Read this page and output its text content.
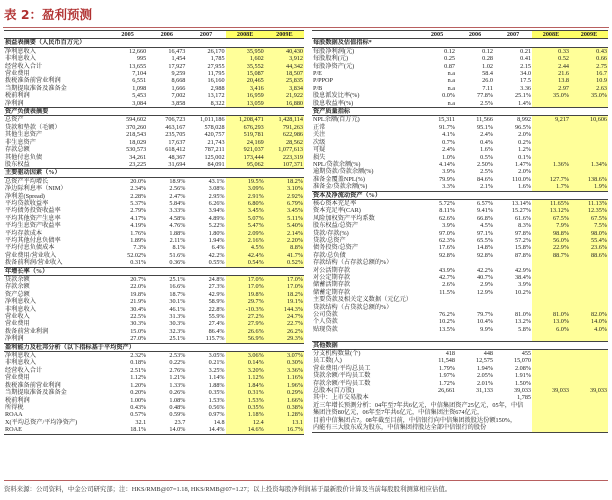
表 2：盈利预测
	2005	2006	2007	2008E	2009E
损益表摘要（人民币百万元）					
净利息收入	12,660	16,473	26,170	35,950	40,430
非利息收入	995	1,454	1,785	1,602	3,912
经营收入合计	13,655	17,927	27,955	35,552	44,342
营业费用	7,104	9,259	11,795	15,087	18,507
拨税准备前营业利润	6,551	8,668	16,160	20,465	25,835
当期提取准备及准备金	1,098	1,666	2,988	3,416	3,834
税前利润	5,453	7,002	13,172	16,959	21,922
净利润	3,084	3,858	8,322	13,059	16,880
资产负债表摘要					
总资产	594,602	706,723	1,011,186	1,208,471	1,428,114
贷款和垫款（毛额）	370,260	463,167	578,028	676,293	791,263
其他生息资产	218,543	235,705	420,757	519,781	622,986
非生息资产	18,029	17,637	21,743	24,169	28,562
存款总额	530,573	618,412	787,211	921,037	1,077,613
其他付息负债	34,261	48,367	125,002	173,444	223,319
股东权益	23,225	31,694	84,091	95,062	107,371
主要驱动因素（%）					
总资产平均增长	20.0%	18.9%	43.1%	19.5%	18.2%
净边际利息率（NIM）	2.34%	2.56%	3.08%	3.09%	3.10%
净利差(Spread)	2.28%	2.47%	2.95%	2.91%	2.92%
平均贷款收益率	5.37%	5.84%	6.26%	6.80%	6.79%
平均债务投资收益率	2.79%	3.33%	3.94%	3.45%	3.45%
平均其他资产生息率	4.17%	4.58%	4.89%	5.07%	5.11%
平均生息资产收益率	4.19%	4.76%	5.22%	5.47%	5.40%
平均存款成本	1.76%	1.88%	1.80%	2.09%	2.14%
平均其他付息负债率	1.89%	2.11%	1.94%	2.16%	2.20%
平均付息负债成本	7.3%	8.1%	6.4%	4.5%	8.8%
营业费用/营业收入	52.02%	51.6%	42.2%	42.4%	41.7%
拨备前利润/营业收入	0.31%	0.36%	0.55%	0.54%	0.52%
年增长率（%）					
贷款余额	20.7%	25.1%	24.8%	17.0%	17.0%
存款余额	22.0%	16.6%	27.3%	17.0%	17.0%
资产总额	19.8%	18.7%	42.9%	19.8%	18.2%
净利息收入	21.9%	30.1%	58.9%	29.7%	19.1%
非利息收入	30.4%	46.1%	22.8%	-10.3%	144.3%
营业收入	22.5%	31.3%	55.9%	27.2%	24.7%
营业费用	30.3%	30.3%	27.4%	27.9%	22.7%
拨备前营业利润	15.0%	32.3%	86.4%	26.6%	26.2%
净利润	27.0%	25.1%	115.7%	56.9%	29.3%
盈利能力及杜邦分析（以下指标基于平均资产）					
净利息收入	2.32%	2.53%	3.05%	3.06%	3.07%
非利息收入	0.18%	0.22%	0.21%	0.14%	0.30%
经营收入合计	2.51%	2.76%	3.25%	3.20%	3.36%
营业费用	1.12%	1.21%	1.14%	1.12%	1.16%
拨税准备前营业利润	1.20%	1.33%	1.88%	1.84%	1.96%
当期提取准备及准备金	0.20%	0.26%	0.35%	0.31%	0.29%
税前利润	1.00%	1.08%	1.53%	1.53%	1.66%
所得税	0.43%	0.48%	0.56%	0.35%	0.38%
ROAA	0.57%	0.59%	0.97%	1.18%	1.28%
X(平均总资产/平均净资产)	32.1	23.7	14.8	12.4	13.1
ROAE	18.1%	14.0%	14.4%	14.6%	16.7%
	2005	2006	2007	2008E	2009E
每股数据及估值指标*					
每股净利润(元)	0.12	0.12	0.21	0.33	0.43
每股股利(元)	0.25	0.28	0.41	0.52	0.66
每股净资产(元)	0.87	1.02	2.15	2.44	2.75
P/E	n.a	58.4	34.0	21.6	16.7
P/PPOP	n.a	26.0	17.5	13.8	10.9
P/B	n.a	7.11	3.36	2.97	2.63
股息派发比率(%)	0.0%	77.8%	25.1%	35.0%	35.0%
股息收益率(%)	n.a	2.5%	1.4%		
资产质量指标					
NPL余额(百万元)	15,311	11,566	8,992	9,217	10,606
正常	91.7%	95.1%	96.5%		
关注	4.1%	2.4%	2.0%		
次级	0.7%	0.4%	0.2%		
可疑	2.4%	1.6%	1.2%		
损失	1.0%	0.5%	0.1%		
NPL/贷款余额(%)	4.14%	2.50%	1.47%	1.36%	1.34%
逾期贷款/贷款余额(%)	3.9%	2.5%	2.0%		
准备金覆盖NPL(%)	79.9%	84.6%	110.0%	127.7%	138.6%
准备金/贷款余额(%)	3.3%	2.1%	1.6%	1.7%	1.9%
资本及净流动资产（%）					
核心资本充足率	5.72%	6.57%	13.14%	11.65%	11.13%
资本充足率(CAR)	8.11%	9.41%	15.27%	13.12%	12.35%
风险加权资产平均系数	62.6%	66.8%	61.6%	67.5%	67.5%
股东权益/总资产	3.9%	4.5%	8.3%	7.9%	7.5%
贷款/存款(%)	97.0%	97.1%	97.8%	98.8%	98.0%
贷款/总资产	62.3%	65.5%	57.2%	56.0%	55.4%
债务投资/总资产	17.6%	14.8%	15.8%	22.9%	23.6%
存款/总负债	92.8%	92.8%	87.8%	88.7%	88.6%
存款结构（占存款总额的%）					
对公活期存款	43.9%	42.2%	42.9%		
对公定期存款	42.7%	40.7%	38.4%		
储蓄活期存款	2.6%	2.9%	3.9%		
储蓄定期存款	11.5%	12.9%	10.2%		
主要贷款及相关定义数据（元亿元）					
贷款结构（占贷款总额的%）					
公司贷款	76.2%	79.7%	81.0%	81.0%	82.0%
个人贷款	10.2%	10.4%	13.2%	13.0%	14.0%
贴现贷款	13.5%	9.9%	5.8%	6.0%	4.0%

其他数据					
分支机构数量(个)	418	448	455		
员工数(人)	11,548	12,575	15,070		
营业费用/平均总员工	1.79%	1.94%	2.08%		
贷款余额/平均员工数	1.97%	2.05%	1.91%		
存款余额/平均员工数	1.72%	2.01%	1.50%		
总股本(百万股)	26,661	31,133	39,033	39,033	39,033
其中：上市交易股本			1,785		
近三年增长预测分析：04年至7年共6亿元，中信集团资产25亿元，05年，中信					
集团注资80亿元，06年至7年共6亿元，中信集团注资674亿元，					
目前中信集团占7。08年截至目前，中信银行向中信集团拨股达份额150%，					
内能有三大股东成为股东，中信集团持股达全部中信银行的股份					
资料来源：公司资料，中金公司研究部；注：HKS/RMB@07=1.18, HKS/RMB@07=1.27；以上投资每股净利润基于最新股价计算及当前每股股利测算相应估值。
